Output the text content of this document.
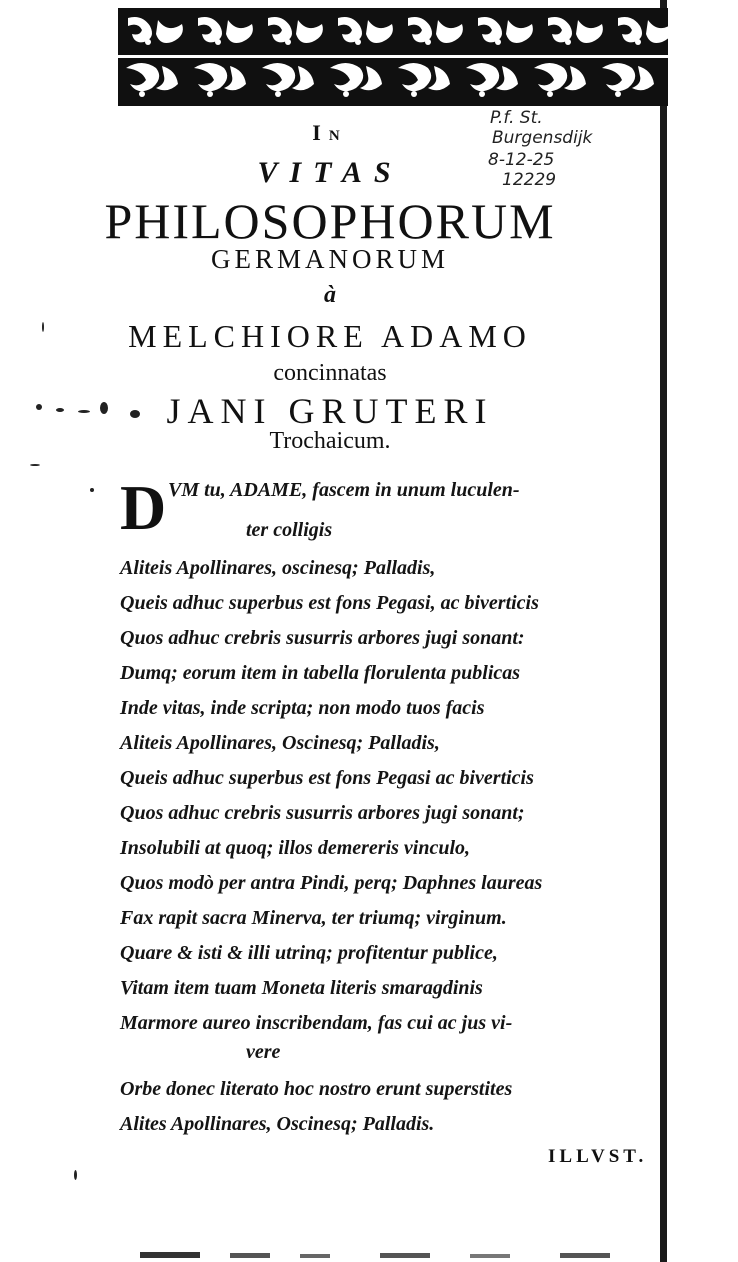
In
VITAS
PHILOSOPHORUM
GERMANORUM
à
MELCHIORE ADAMO
concinnatas
JANI GRUTERI
Trochaicum.
P.f. St.
Burgensdijk
8-12-25
12229
D VM tu, ADAME, fascem in unum luculen-
ter colligis
Aliteis Apollinares, oscinesq; Palladis,
Queis adhuc superbus est fons Pegasi, ac biverticis
Quos adhuc crebris susurris arbores jugi sonant:
Dumq; eorum item in tabella florulenta publicas
Inde vitas, inde scripta; non modo tuos facis
Aliteis Apollinares, Oscinesq; Palladis,
Queis adhuc superbus est fons Pegasi ac biverticis
Quos adhuc crebris susurris arbores jugi sonant;
Insolubili at quoq; illos demereris vinculo,
Quos modò per antra Pindi, perq; Daphnes laureas
Fax rapit sacra Minerva, ter triumq; virginum.
Quare & isti & illi utrinq; profitentur publice,
Vitam item tuam Moneta literis smaragdinis
Marmore aureo inscribendam, fas cui ac jus vi-
vere
Orbe donec literato hoc nostro erunt superstites
Alites Apollinares, Oscinesq; Palladis.
ILLVST.
